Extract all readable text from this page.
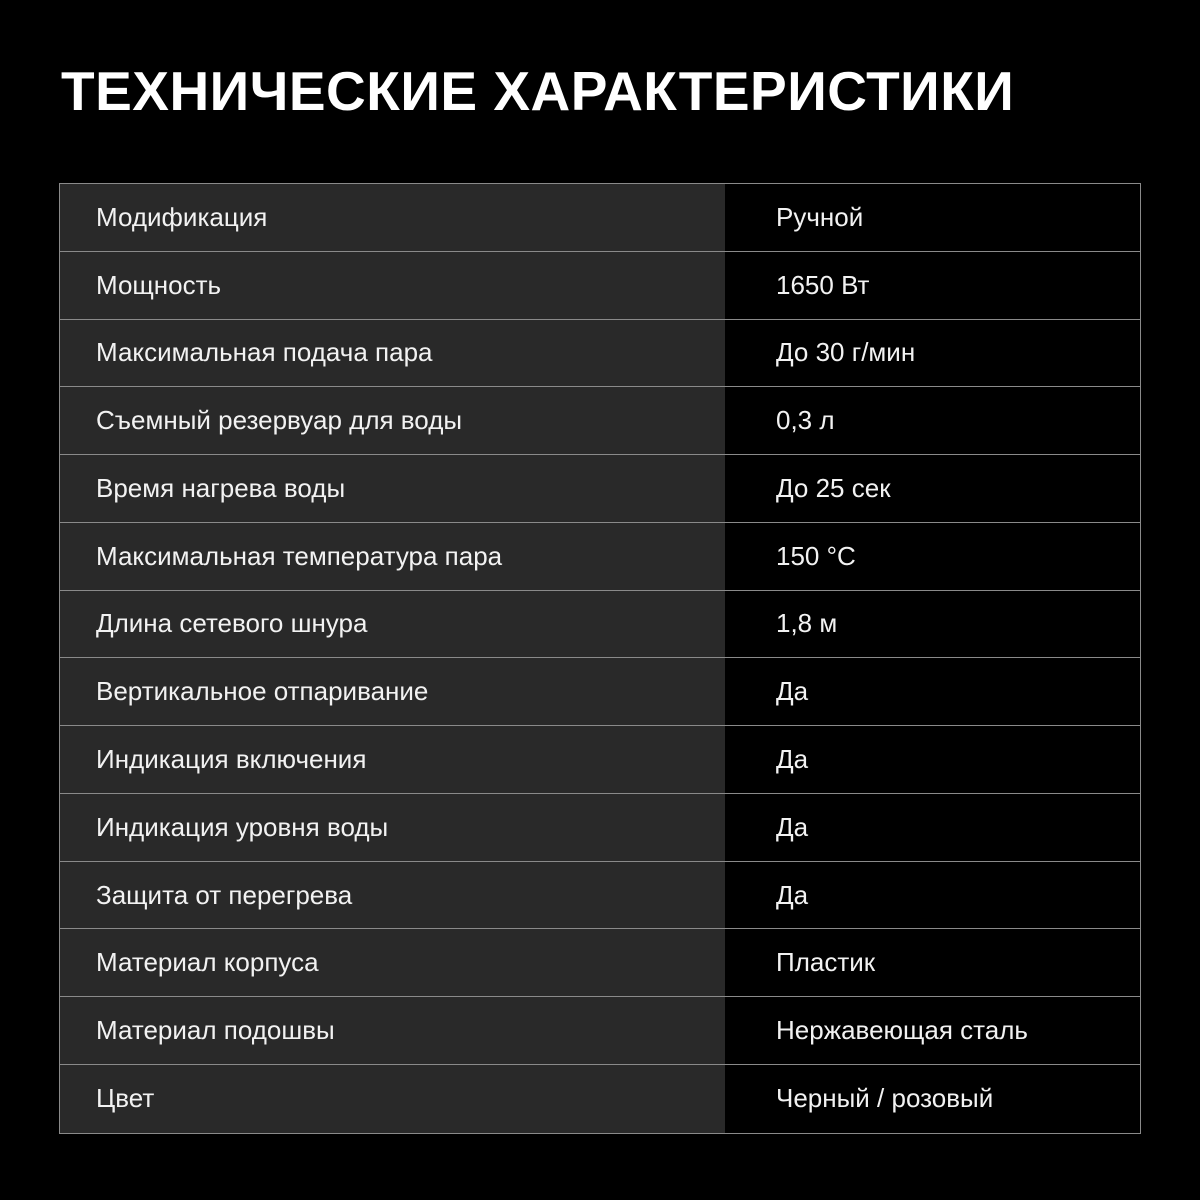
ТЕХНИЧЕСКИЕ ХАРАКТЕРИСТИКИ
Модификация	Ручной
Мощность	1650 Вт
Максимальная подача пара	До 30 г/мин
Съемный резервуар для воды	0,3 л
Время нагрева воды	До 25 сек
Максимальная температура пара	150 °С
Длина сетевого шнура	1,8 м
Вертикальное отпаривание	Да
Индикация включения	Да
Индикация уровня воды	Да
Защита от перегрева	Да
Материал корпуса	Пластик
Материал подошвы	Нержавеющая сталь
Цвет	Черный / розовый
